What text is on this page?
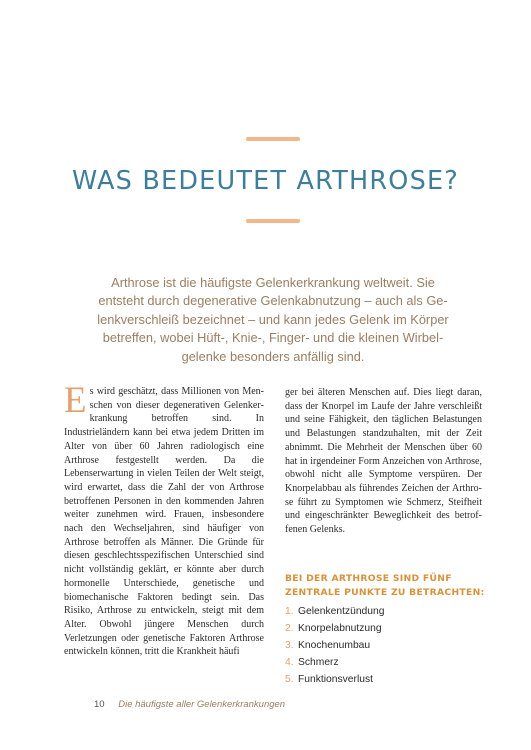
WAS BEDEUTET ARTHROSE?

Arthrose ist die häufigste Gelenkerkrankung weltweit. Sie entsteht durch degenerative Gelenkabnutzung – auch als Gelenkverschleiß bezeichnet – und kann jedes Gelenk im Körper betreffen, wobei Hüft-, Knie-, Finger- und die kleinen Wirbelgelenke besonders anfällig sind.

Es wird geschätzt, dass Millionen von Menschen von dieser degenerativen Gelenkerkrankung betroffen sind. In Industrieländern kann bei etwa jedem Dritten im Alter von über 60 Jahren radiologisch eine Arthrose festgestellt werden. Da die Lebenserwartung in vielen Teilen der Welt steigt, wird erwartet, dass die Zahl der von Arthrose betroffenen Personen in den kommenden Jahren weiter zunehmen wird. Frauen, insbesondere nach den Wechseljahren, sind häufiger von Arthrose betroffen als Männer. Die Gründe für diesen geschlechtsspezifischen Unterschied sind nicht vollständig geklärt, er könnte aber durch hormonelle Unterschiede, genetische und biomechanische Faktoren bedingt sein. Das Risiko, Arthrose zu entwickeln, steigt mit dem Alter. Obwohl jüngere Menschen durch Verletzungen oder genetische Faktoren Arthrose entwickeln können, tritt die Krankheit häufi

ger bei älteren Menschen auf. Dies liegt daran, dass der Knorpel im Laufe der Jahre verschleißt und seine Fähigkeit, den täglichen Belastungen und Belastungen standzuhalten, mit der Zeit abnimmt. Die Mehrheit der Menschen über 60 hat in irgendeiner Form Anzeichen von Arthrose, obwohl nicht alle Symptome verspüren. Der Knorpelabbau als führendes Zeichen der Arthrose führt zu Symptomen wie Schmerz, Steifheit und eingeschränkter Beweglichkeit des betroffenen Gelenks.

BEI DER ARTHROSE SIND FÜNF ZENTRALE PUNKTE ZU BETRACHTEN:
1. Gelenkentzündung
2. Knorpelabnutzung
3. Knochenumbau
4. Schmerz
5. Funktionsverlust
10 Die häufigste aller Gelenkerkrankungen
